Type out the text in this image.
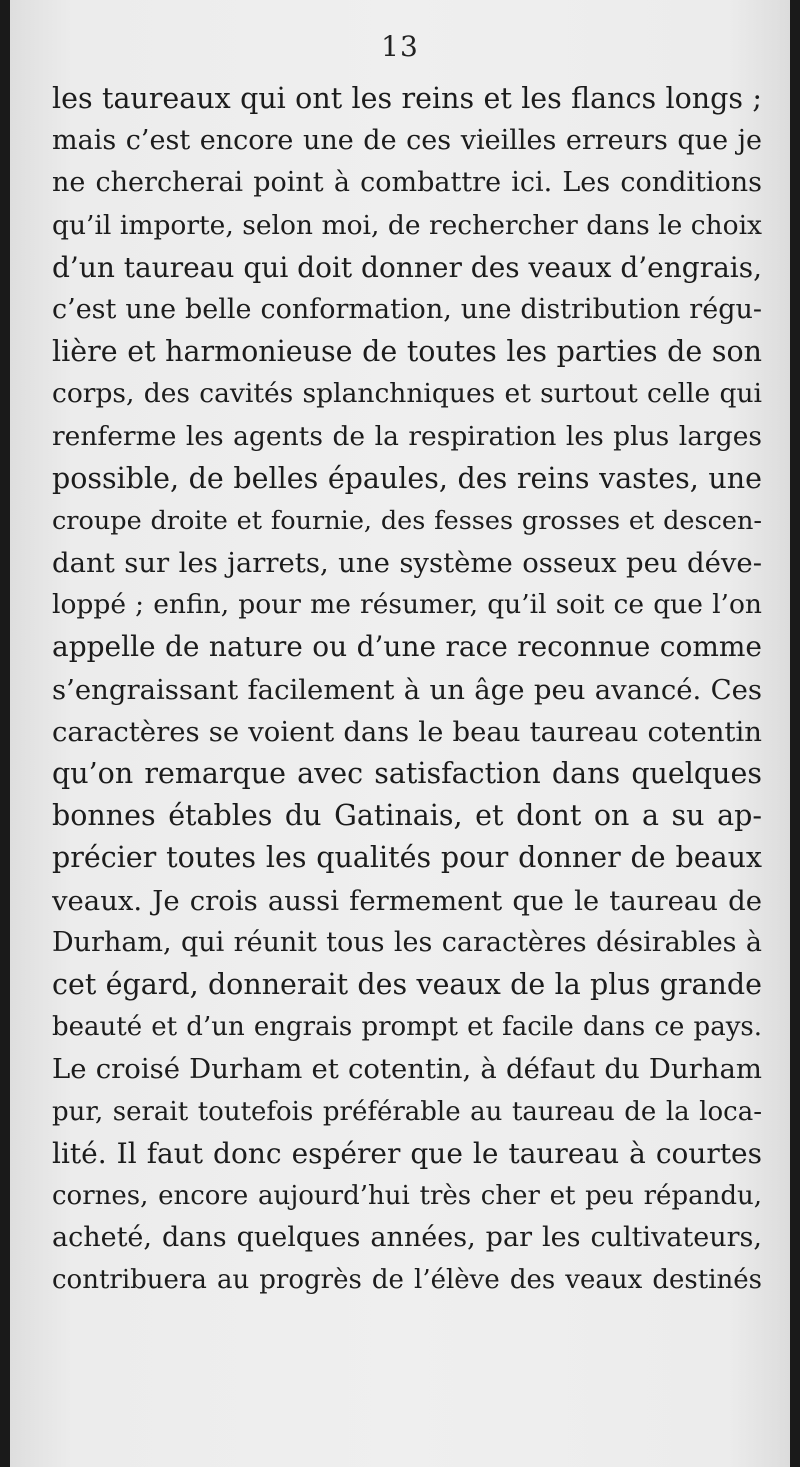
13
les taureaux qui ont les reins et les flancs longs ;
mais c’est encore une de ces vieilles erreurs que je
ne chercherai point à combattre ici. Les conditions
qu’il importe, selon moi, de rechercher dans le choix
d’un taureau qui doit donner des veaux d’engrais,
c’est une belle conformation, une distribution régu-
lière et harmonieuse de toutes les parties de son
corps, des cavités splanchniques et surtout celle qui
renferme les agents de la respiration les plus larges
possible, de belles épaules, des reins vastes, une
croupe droite et fournie, des fesses grosses et descen-
dant sur les jarrets, une système osseux peu déve-
loppé ; enfin, pour me résumer, qu’il soit ce que l’on
appelle de nature ou d’une race reconnue comme
s’engraissant facilement à un âge peu avancé. Ces
caractères se voient dans le beau taureau cotentin
qu’on remarque avec satisfaction dans quelques
bonnes étables du Gatinais, et dont on a su ap-
précier toutes les qualités pour donner de beaux
veaux. Je crois aussi fermement que le taureau de
Durham, qui réunit tous les caractères désirables à
cet égard, donnerait des veaux de la plus grande
beauté et d’un engrais prompt et facile dans ce pays.
Le croisé Durham et cotentin, à défaut du Durham
pur, serait toutefois préférable au taureau de la loca-
lité. Il faut donc espérer que le taureau à courtes
cornes, encore aujourd’hui très cher et peu répandu,
acheté, dans quelques années, par les cultivateurs,
contribuera au progrès de l’élève des veaux destinés
